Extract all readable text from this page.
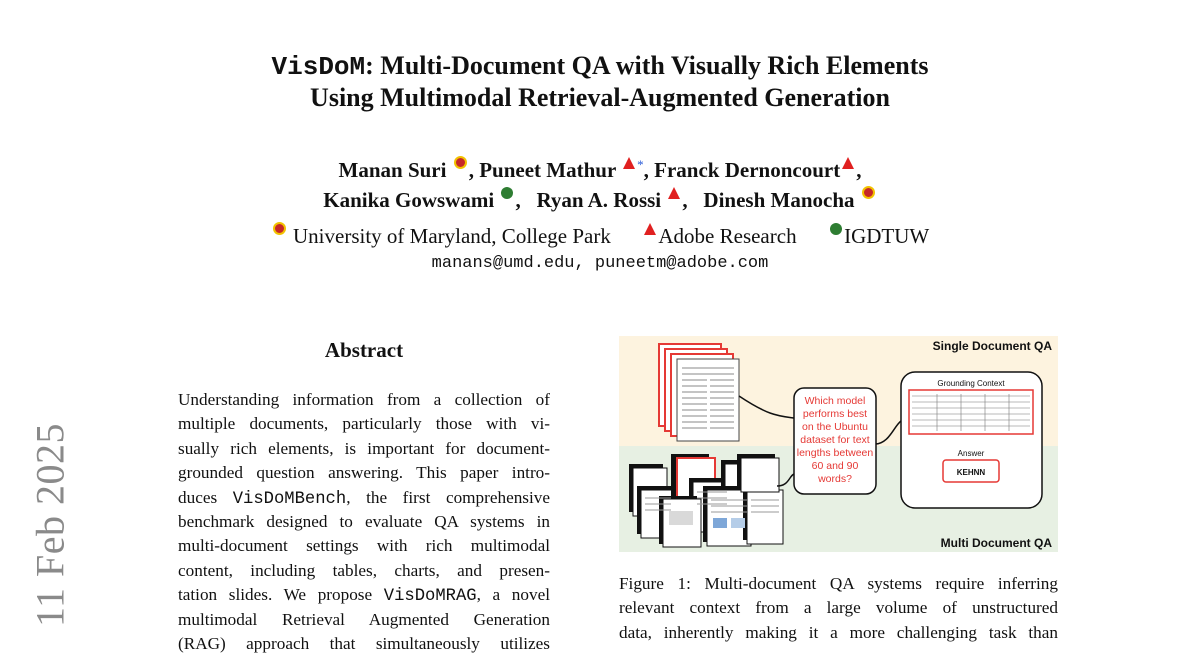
11 Feb 2025
VisDoM: Multi-Document QA with Visually Rich Elements
Using Multimodal Retrieval-Augmented Generation
Manan Suri , Puneet Mathur *, Franck Dernoncourt ,
Kanika Gowswami , Ryan A. Rossi , Dinesh Manocha
University of Maryland, College Park Adobe Research IGDTUW
manans@umd.edu, puneetm@adobe.com
Abstract
Understanding information from a collection of
multiple documents, particularly those with vi-
sually rich elements, is important for document-
grounded question answering. This paper intro-
duces VisDoMBench, the first comprehensive
benchmark designed to evaluate QA systems in
multi-document settings with rich multimodal
content, including tables, charts, and presen-
tation slides. We propose VisDoMRAG, a novel
multimodal Retrieval Augmented Generation
(RAG) approach that simultaneously utilizes
Single Document QA
Multi Document QA
Which model
performs best
on the Ubuntu
dataset for text
lengths between
60 and 90
words?
Grounding Context
Answer
KEHNN
Figure 1: Multi-document QA systems require inferring
relevant context from a large volume of unstructured
data, inherently making it a more challenging task than
